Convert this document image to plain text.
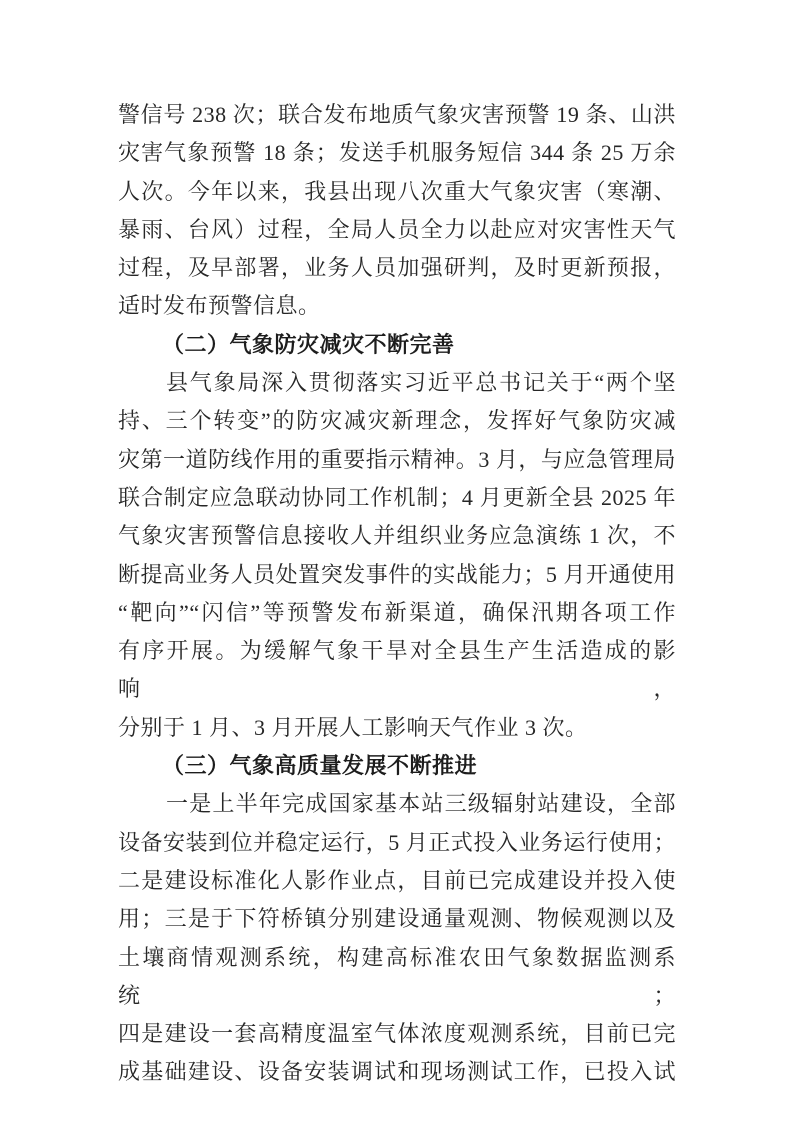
警信号 238 次；联合发布地质气象灾害预警 19 条、山洪
灾害气象预警 18 条；发送手机服务短信 344 条 25 万余
人次。今年以来，我县出现八次重大气象灾害（寒潮、
暴雨、台风）过程，全局人员全力以赴应对灾害性天气
过程，及早部署，业务人员加强研判，及时更新预报，
适时发布预警信息。
（二）气象防灾减灾不断完善
县气象局深入贯彻落实习近平总书记关于“两个坚
持、三个转变”的防灾减灾新理念，发挥好气象防灾减
灾第一道防线作用的重要指示精神。3 月，与应急管理局
联合制定应急联动协同工作机制；4 月更新全县 2025 年
气象灾害预警信息接收人并组织业务应急演练 1 次，不
断提高业务人员处置突发事件的实战能力；5 月开通使用
“靶向”“闪信”等预警发布新渠道，确保汛期各项工作
有序开展。为缓解气象干旱对全县生产生活造成的影响，
分别于 1 月、3 月开展人工影响天气作业 3 次。
（三）气象高质量发展不断推进
一是上半年完成国家基本站三级辐射站建设，全部
设备安装到位并稳定运行，5 月正式投入业务运行使用；
二是建设标准化人影作业点，目前已完成建设并投入使
用；三是于下符桥镇分别建设通量观测、物候观测以及
土壤商情观测系统，构建高标准农田气象数据监测系统；
四是建设一套高精度温室气体浓度观测系统，目前已完
成基础建设、设备安装调试和现场测试工作，已投入试
